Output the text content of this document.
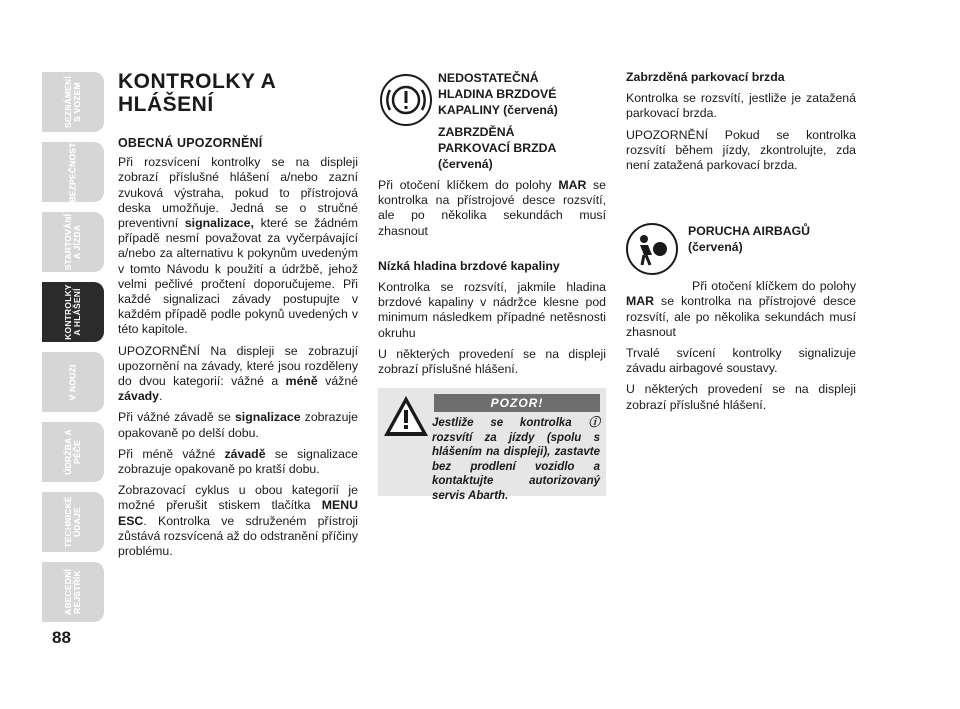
SEZNÁMENÍ S VOZEM
BEZPEČNOST
STARTOVÁNÍ A JÍZDA
KONTROLKY A HLÁŠENÍ
V NOUZI
ÚDRŽBA A PÉČE
TECHNICKÉ ÚDAJE
ABECEDNÍ REJSTŘÍK
88
KONTROLKY A HLÁŠENÍ
OBECNÁ UPOZORNĚNÍ

Při rozsvícení kontrolky se na displeji zobrazí příslušné hlášení a/nebo zazní zvuková výstraha, pokud to přístrojová deska umožňuje. Jedná se o stručné preventivní signalizace, které se žádném případě nesmí považovat za vyčerpávající a/nebo za alternativu k pokynům uvedeným v tomto Návodu k použití a údržbě, jehož velmi pečlivé pročtení doporučujeme. Při každé signalizaci závady postupujte v každém případě podle pokynů uvedených v této kapitole.

UPOZORNĚNÍ Na displeji se zobrazují upozornění na závady, které jsou rozděleny do dvou kategorií: vážné a méně vážné závady.

Při vážné závadě se signalizace zobrazuje opakovaně po delší dobu.

Při méně vážné závadě se signalizace zobrazuje opakovaně po kratší dobu.

Zobrazovací cyklus u obou kategorií je možné přerušit stiskem tlačítka MENU ESC. Kontrolka ve sdruženém přístroji zůstává rozsvícená až do odstranění příčiny problému.

NEDOSTATEČNÁ HLADINA BRZDOVÉ KAPALINY (červená)
ZABRZDĚNÁ PARKOVACÍ BRZDA (červená)

Při otočení klíčkem do polohy MAR se kontrolka na přístrojové desce rozsvítí, ale po několika sekundách musí zhasnout

Nízká hladina brzdové kapaliny

Kontrolka se rozsvítí, jakmile hladina brzdové kapaliny v nádržce klesne pod minimum následkem případné netěsnosti okruhu

U některých provedení se na displeji zobrazí příslušné hlášení.

POZOR!
Jestliže se kontrolka ⓘ rozsvítí za jízdy (spolu s hlášením na displeji), zastavte bez prodlení vozidlo a kontaktujte autorizovaný servis Abarth.

Zabrzděná parkovací brzda

Kontrolka se rozsvítí, jestliže je zatažená parkovací brzda.

UPOZORNĚNÍ Pokud se kontrolka rozsvítí během jízdy, zkontrolujte, zda není zatažená parkovací brzda.

PORUCHA AIRBAGŮ (červená)

Při otočení klíčkem do polohy MAR se kontrolka na přístrojové desce rozsvítí, ale po několika sekundách musí zhasnout

Trvalé svícení kontrolky signalizuje závadu airbagové soustavy.

U některých provedení se na displeji zobrazí příslušné hlášení.
